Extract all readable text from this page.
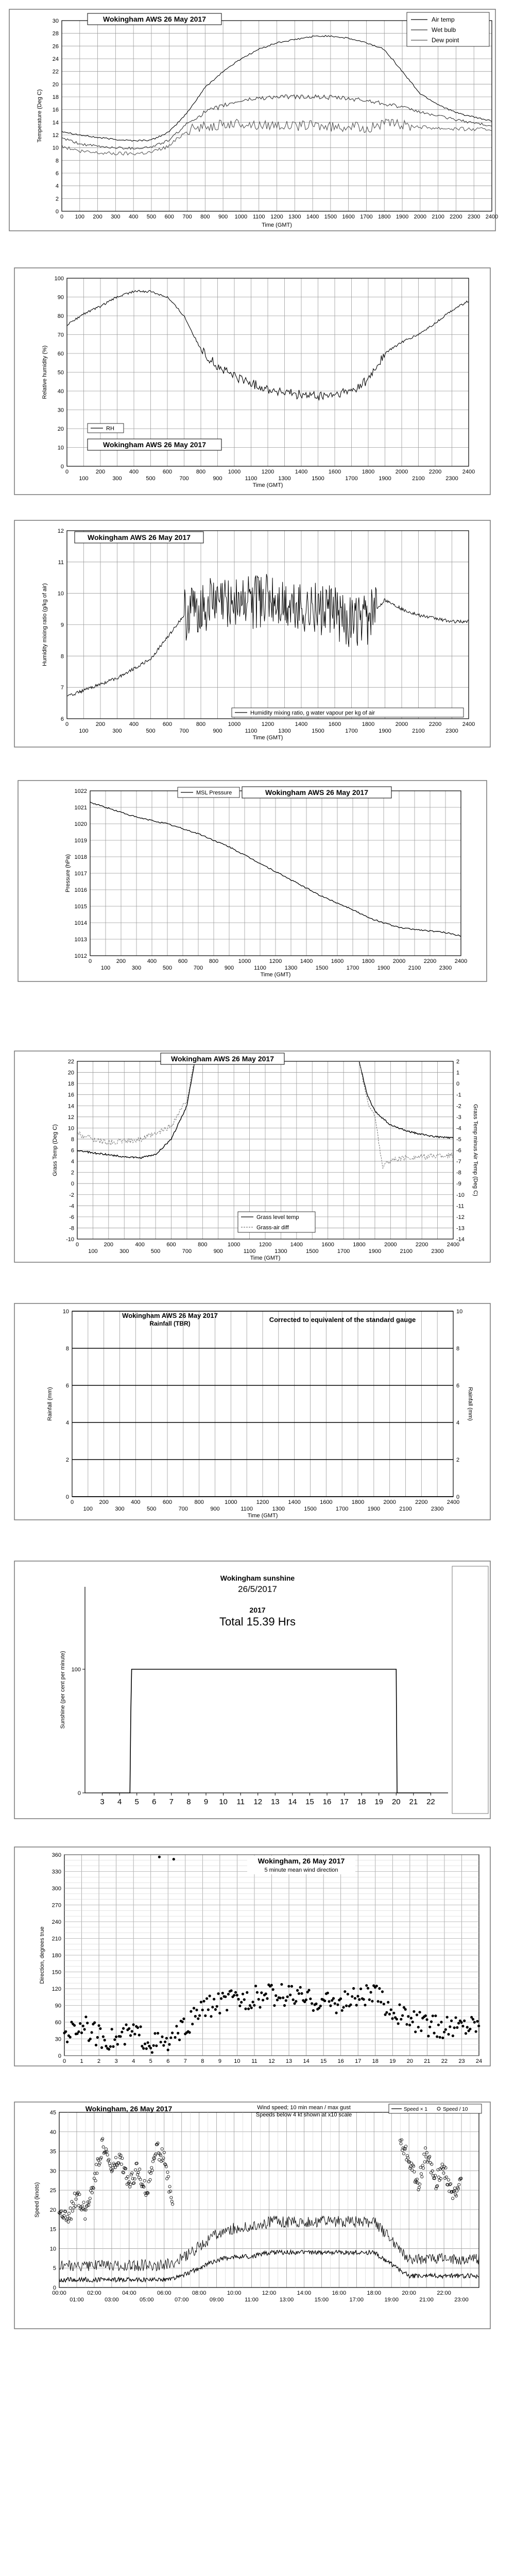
0
2
4
6
8
10
12
14
16
18
20
22
24
26
28
30
0 100 200 300 400 500 600 700 800 900 1000 1100 1200 1300 1400 1500 1600 1700 1800 1900 2000 2100 2200 2300 2400
Time (GMT)
Temperature (Deg C)
Wokingham AWS 26 May 2017	Air temp
Wet bulb
Dew point
0
10
20
30
40
50
60
70
80
90
100
0
100
200
300
400
500
600
700
800
900
1000
1100
1200
1300
1400
1500
1600
1700
1800
1900
2000
2100
2200
2300
2400
Time (GMT)
Relative humidity (%)
RH
Wokingham AWS 26 May 2017
6
7
8
9
10
11
12
0
100
200
300
400
500
600
700
800
900
1000
1100
1200
1300
1400
1500
1600
1700
1800
1900
2000
2100
2200
2300
2400
Time (GMT)
Humidity mixing ratio (g/kg of air)
Wokingham AWS 26 May 2017
Humidity mixing ratio, g water vapour per kg of air
1012
1013
1014
1015
1016
1017
1018
1019
1020
1021
1022
0
100
200
300
400
500
600
700
800
900
1000
1100
1200
1300
1400
1500
1600
1700
1800
1900
2000
2100
2200
2300
2400
Time (GMT)
Pressure (hPa)
MSL Pressure	Wokingham AWS 26 May 2017
-10
-8
-6
-4
-2
0
2
4
6
8
10
12
14
16
18
20
22
0
100
200
300
400
500
600
700
800
900
1000
1100
1200
1300
1400
1500
1600
1700
1800
1900
2000
2100
2200
2300
2400
Time (GMT)
Grass Temp (Deg C)
-14
-13
-12
-11
-10
-9
-8
-7
-6
-5
-4
-3
-2
-1
0
1
2
Grass Temp minus Air Temp (Deg C)
Wokingham AWS 26 May 2017
Grass level temp
Grass-air diff
0
2
4
6
8
10
0
100
200
300
400
500
600
700
800
900
1000
1100
1200
1300
1400
1500
1600
1700
1800
1900
2000
2100
2200
2300
2400
Time (GMT)
Rainfall (mm)
0
2
4
6
8
10
Rainfall (mm)
Wokingham AWS 26 May 2017
Rainfall (TBR)	Corrected to equivalent of the standard gauge
0
100
3 4 5 6 7 8 9 10 11 12 13 14 15 16 17 18 19 20 21 22
Sunshine (per cent per minute)
Wokingham sunshine
26/5/2017
2017
Total 15.39 Hrs
0
30
60
90
120
150
180
210
240
270
300
330
360
0 1 2 3 4 5 6 7 8 9 10 11 12 13 14 15 16 17 18 19 20 21 22 23 24
Direction, degrees true
Wokingham, 26 May 2017
5 minute mean wind direction
0
5
10
15
20
25
30
35
40
45
00:00
01:00
02:00
03:00
04:00
05:00
06:00
07:00
08:00
09:00
10:00
11:00
12:00
13:00
14:00
15:00
16:00
17:00
18:00
19:00
20:00
21:00
22:00
23:00
Speed (knots)
Wokingham, 26 May 2017	Wind speed; 10 min mean / max gust
Speeds below 4 kt shown at x10 scale
Speed × 1	Speed / 10
